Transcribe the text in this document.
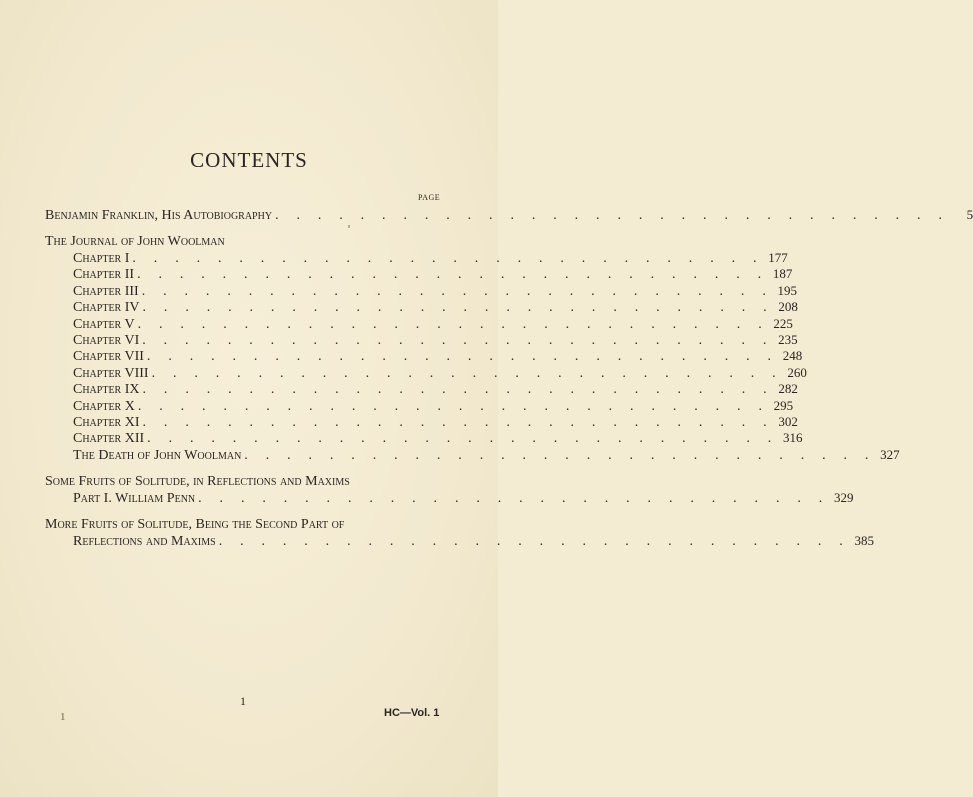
CONTENTS
PAGE
Benjamin Franklin, His Autobiography . . . . . . . . . . . . . . . . . . . . . . . . . . . . . . . .	5
The Journal of John Woolman
Chapter I . . . . . . . . . . . . . . . . . . . . . . . . . . . . . . 177
Chapter II . . . . . . . . . . . . . . . . . . . . . . . . . . . . . . 187
Chapter III . . . . . . . . . . . . . . . . . . . . . . . . . . . . . . 195
Chapter IV . . . . . . . . . . . . . . . . . . . . . . . . . . . . . . 208
Chapter V . . . . . . . . . . . . . . . . . . . . . . . . . . . . . . 225
Chapter VI . . . . . . . . . . . . . . . . . . . . . . . . . . . . . . 235
Chapter VII . . . . . . . . . . . . . . . . . . . . . . . . . . . . . . 248
Chapter VIII . . . . . . . . . . . . . . . . . . . . . . . . . . . . . . 260
Chapter IX . . . . . . . . . . . . . . . . . . . . . . . . . . . . . . 282
Chapter X . . . . . . . . . . . . . . . . . . . . . . . . . . . . . . 295
Chapter XI . . . . . . . . . . . . . . . . . . . . . . . . . . . . . . 302
Chapter XII . . . . . . . . . . . . . . . . . . . . . . . . . . . . . . 316
The Death of John Woolman . . . . . . . . . . . . . . . . . . . . . . . . . . . . . . 327
Some Fruits of Solitude, in Reflections and Maxims
Part I. William Penn . . . . . . . . . . . . . . . . . . . . . . . . . . . . . . 329
More Fruits of Solitude, Being the Second Part of
Reflections and Maxims . . . . . . . . . . . . . . . . . . . . . . . . . . . . . . 385
1
1	HC—Vol. 1
